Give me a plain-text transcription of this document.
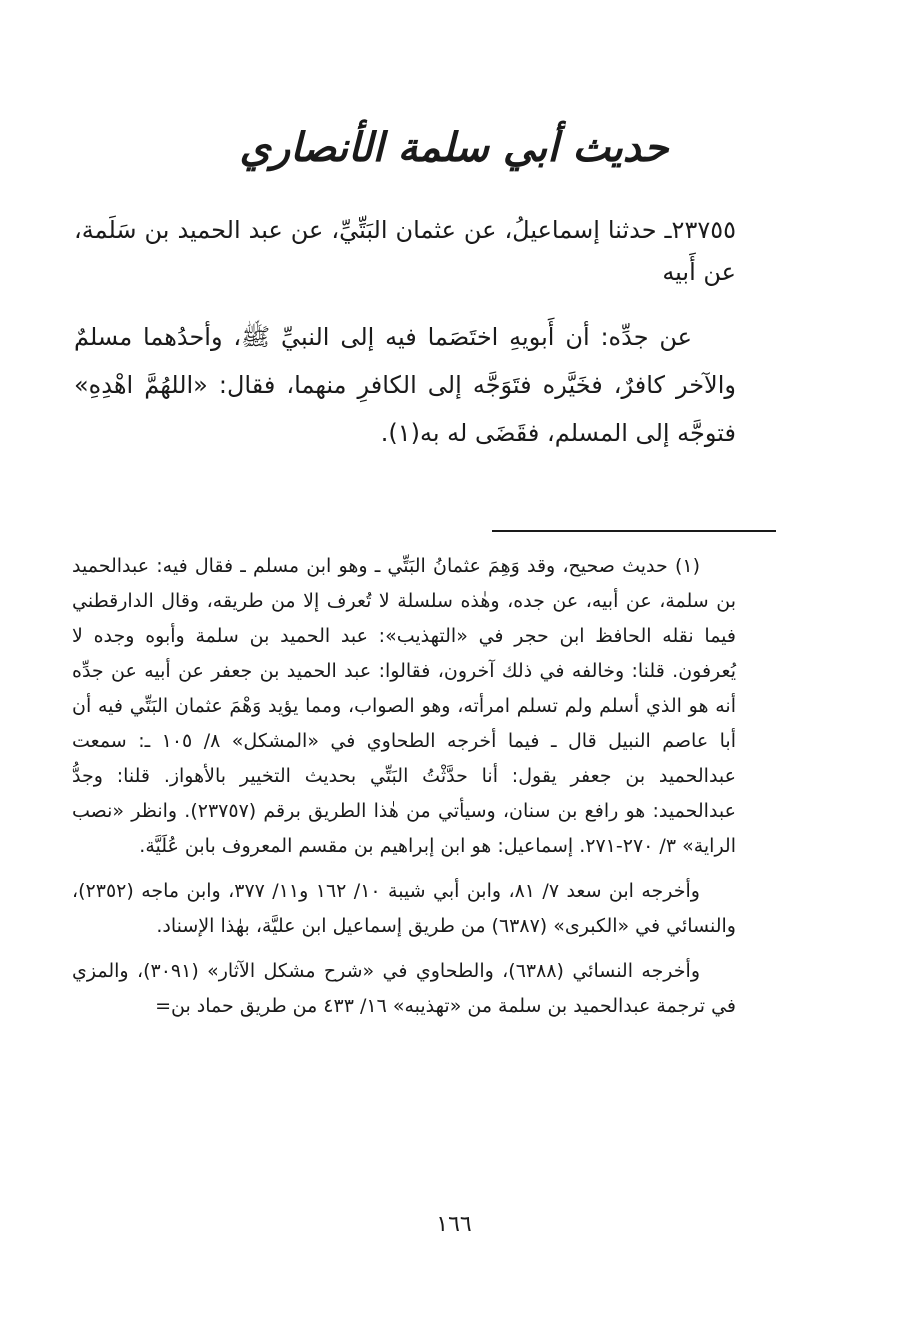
حديث أبي سلمة الأنصاري

٢٣٧٥٥ـ حدثنا إسماعيلُ، عن عثمان البَتِّيِّ، عن عبد الحميد بن سَلَمة، عن أَبيه

عن جدِّه: أن أَبويهِ اختَصَما فيه إلى النبيِّ ﷺ، وأحدُهما مسلمٌ والآخر كافرٌ، فخَيَّره فتَوَجَّه إلى الكافرِ منهما، فقال: «اللهُمَّ اهْدِهِ» فتوجَّه إلى المسلم، فقَضَى له به(١).

(١) حديث صحيح، وقد وَهِمَ عثمانُ البَتِّي ـ وهو ابن مسلم ـ فقال فيه: عبدالحميد بن سلمة، عن أبيه، عن جده، وهٰذه سلسلة لا تُعرف إلا من طريقه، وقال الدارقطني فيما نقله الحافظ ابن حجر في «التهذيب»: عبد الحميد بن سلمة وأبوه وجده لا يُعرفون. قلنا: وخالفه في ذلك آخرون، فقالوا: عبد الحميد بن جعفر عن أبيه عن جدِّه أنه هو الذي أسلم ولم تسلم امرأته، وهو الصواب، ومما يؤيد وَهْمَ عثمان البَتِّي فيه أن أبا عاصم النبيل قال ـ فيما أخرجه الطحاوي في «المشكل» ٨/ ١٠٥ ـ: سمعت عبدالحميد بن جعفر يقول: أنا حدَّثْتُ البَتِّي بحديث التخيير بالأهواز. قلنا: وجدُّ عبدالحميد: هو رافع بن سنان، وسيأتي من هٰذا الطريق برقم (٢٣٧٥٧). وانظر «نصب الراية» ٣/ ٢٧٠-٢٧١. إسماعيل: هو ابن إبراهيم بن مقسم المعروف بابن عُلَيَّة.

وأخرجه ابن سعد ٧/ ٨١، وابن أبي شيبة ١٠/ ١٦٢ و١١/ ٣٧٧، وابن ماجه (٢٣٥٢)، والنسائي في «الكبرى» (٦٣٨٧) من طريق إسماعيل ابن عليَّة، بهٰذا الإسناد.

وأخرجه النسائي (٦٣٨٨)، والطحاوي في «شرح مشكل الآثار» (٣٠٩١)، والمزي في ترجمة عبدالحميد بن سلمة من «تهذيبه» ١٦/ ٤٣٣ من طريق حماد بن=

١٦٦
